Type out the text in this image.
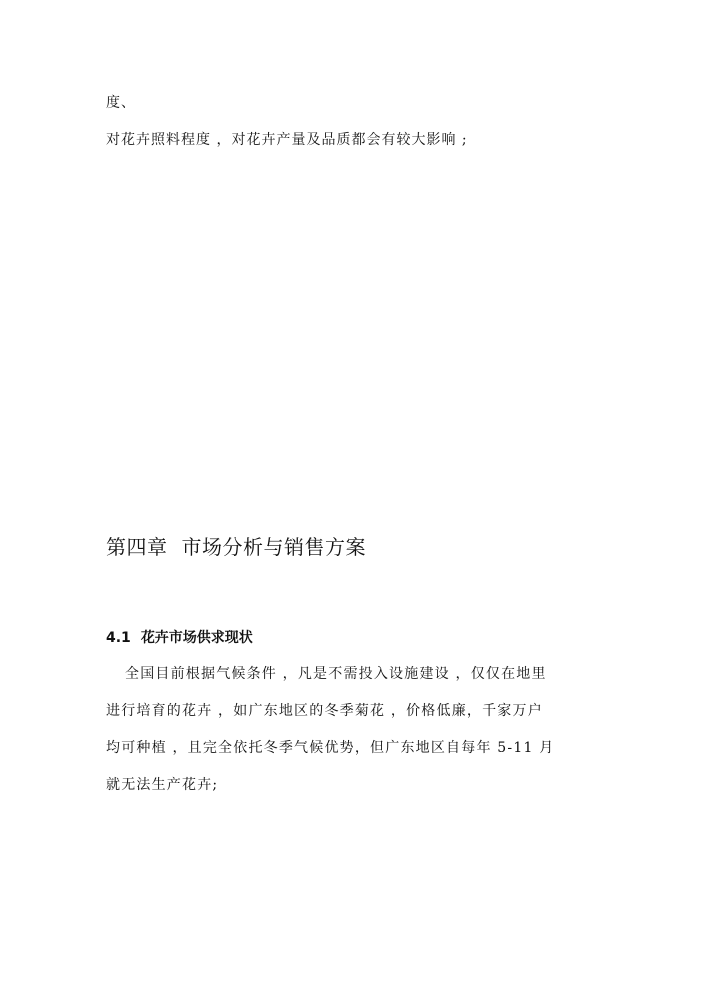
度、
对花卉照料程度 ，对花卉产量及品质都会有较大影响 ;
第四章 市场分析与销售方案
4.1 花卉市场供求现状
全国目前根据气候条件 ，凡是不需投入设施建设 ，仅仅在地里
进行培育的花卉 ，如广东地区的冬季菊花 ，价格低廉，千家万户
均可种植 ，且完全依托冬季气候优势，但广东地区自每年 5-11 月
就无法生产花卉;
